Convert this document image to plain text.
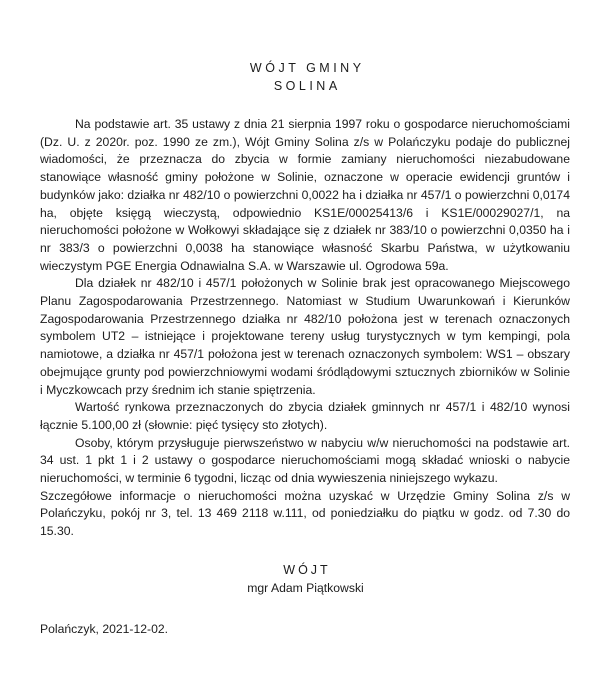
WÓJT GMINY
SOLINA

Na podstawie art. 35 ustawy z dnia 21 sierpnia 1997 roku o gospodarce nieruchomościami (Dz. U. z 2020r. poz. 1990 ze zm.), Wójt Gminy Solina z/s w Polańczyku podaje do publicznej wiadomości, że przeznacza do zbycia w formie zamiany nieruchomości niezabudowane stanowiące własność gminy położone w Solinie, oznaczone w operacie ewidencji gruntów i budynków jako: działka nr 482/10 o powierzchni 0,0022 ha i działka nr 457/1 o powierzchni 0,0174 ha, objęte księgą wieczystą, odpowiednio KS1E/00025413/6 i KS1E/00029027/1, na nieruchomości położone w Wołkowyi składające się z działek nr 383/10 o powierzchni 0,0350 ha i nr 383/3 o powierzchni 0,0038 ha stanowiące własność Skarbu Państwa, w użytkowaniu wieczystym PGE Energia Odnawialna S.A. w Warszawie ul. Ogrodowa 59a.

Dla działek nr 482/10 i 457/1 położonych w Solinie brak jest opracowanego Miejscowego Planu Zagospodarowania Przestrzennego. Natomiast w Studium Uwarunkowań i Kierunków Zagospodarowania Przestrzennego działka nr 482/10 położona jest w terenach oznaczonych symbolem UT2 – istniejące i projektowane tereny usług turystycznych w tym kempingi, pola namiotowe, a działka nr 457/1 położona jest w terenach oznaczonych symbolem: WS1 – obszary obejmujące grunty pod powierzchniowymi wodami śródlądowymi sztucznych zbiorników w Solinie i Myczkowcach przy średnim ich stanie spiętrzenia.

Wartość rynkowa przeznaczonych do zbycia działek gminnych nr 457/1 i 482/10 wynosi łącznie 5.100,00 zł (słownie: pięć tysięcy sto złotych).

Osoby, którym przysługuje pierwszeństwo w nabyciu w/w nieruchomości na podstawie art. 34 ust. 1 pkt 1 i 2 ustawy o gospodarce nieruchomościami mogą składać wnioski o nabycie nieruchomości, w terminie 6 tygodni, licząc od dnia wywieszenia niniejszego wykazu.

Szczegółowe informacje o nieruchomości można uzyskać w Urzędzie Gminy Solina z/s w Polańczyku, pokój nr 3, tel. 13 469 2118 w.111, od poniedziałku do piątku w godz. od 7.30 do 15.30.

WÓJT
mgr Adam Piątkowski
Polańczyk, 2021-12-02.
